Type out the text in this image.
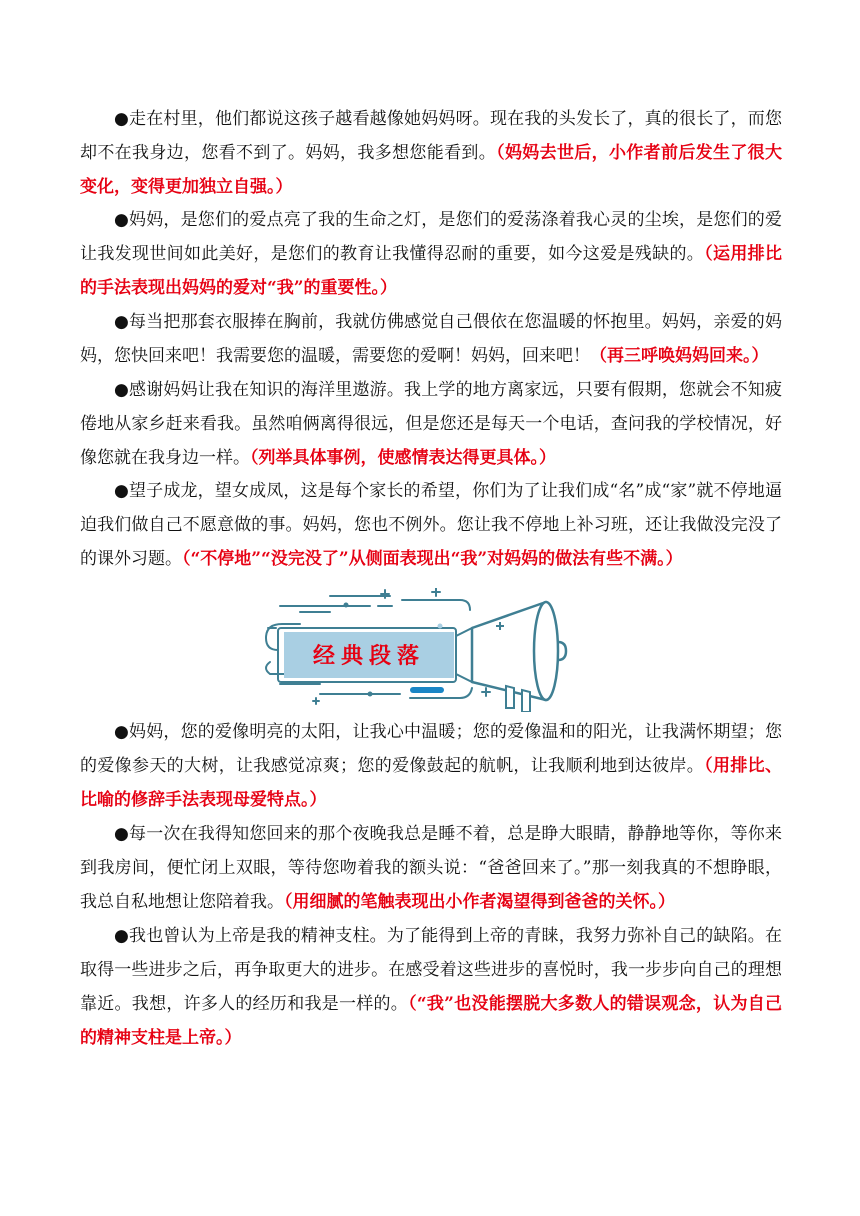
●走在村里，他们都说这孩子越看越像她妈妈呀。现在我的头发长了，真的很长了，而您却不在我身边，您看不到了。妈妈，我多想您能看到。（妈妈去世后，小作者前后发生了很大变化，变得更加独立自强。）

●妈妈，是您们的爱点亮了我的生命之灯，是您们的爱荡涤着我心灵的尘埃，是您们的爱让我发现世间如此美好，是您们的教育让我懂得忍耐的重要，如今这爱是残缺的。（运用排比的手法表现出妈妈的爱对“我”的重要性。）

●每当把那套衣服捧在胸前，我就仿佛感觉自己偎依在您温暖的怀抱里。妈妈，亲爱的妈妈，您快回来吧！我需要您的温暖，需要您的爱啊！妈妈，回来吧！（再三呼唤妈妈回来。）

●感谢妈妈让我在知识的海洋里遨游。我上学的地方离家远，只要有假期，您就会不知疲倦地从家乡赶来看我。虽然咱俩离得很远，但是您还是每天一个电话，查问我的学校情况，好像您就在我身边一样。（列举具体事例，使感情表达得更具体。）

●望子成龙，望女成凤，这是每个家长的希望，你们为了让我们成“名”成“家”就不停地逼迫我们做自己不愿意做的事。妈妈，您也不例外。您让我不停地上补习班，还让我做没完没了的课外习题。（“不停地”“没完没了”从侧面表现出“我”对妈妈的做法有些不满。）

经典段落

●妈妈，您的爱像明亮的太阳，让我心中温暖；您的爱像温和的阳光，让我满怀期望；您的爱像参天的大树，让我感觉凉爽；您的爱像鼓起的航帆，让我顺利地到达彼岸。（用排比、比喻的修辞手法表现母爱特点。）

●每一次在我得知您回来的那个夜晚我总是睡不着，总是睁大眼睛，静静地等你，等你来到我房间，便忙闭上双眼，等待您吻着我的额头说：“爸爸回来了。”那一刻我真的不想睁眼，我总自私地想让您陪着我。（用细腻的笔触表现出小作者渴望得到爸爸的关怀。）

●我也曾认为上帝是我的精神支柱。为了能得到上帝的青睐，我努力弥补自己的缺陷。在取得一些进步之后，再争取更大的进步。在感受着这些进步的喜悦时，我一步步向自己的理想靠近。我想，许多人的经历和我是一样的。（“我”也没能摆脱大多数人的错误观念，认为自己的精神支柱是上帝。）
